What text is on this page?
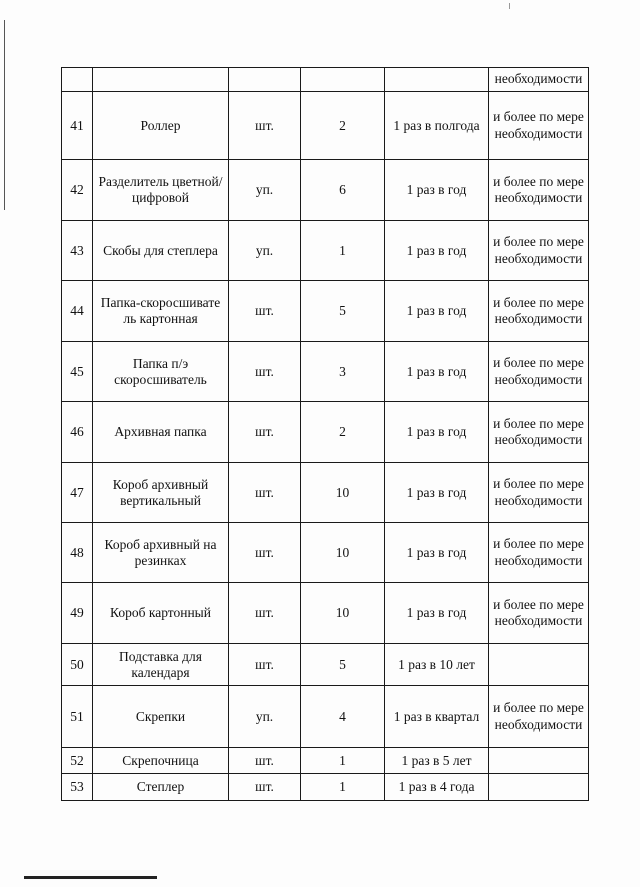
					необходимости
41	Роллер	шт.	2	1 раз в полгода	и более по мере необходимости
42	Разделитель цветной/цифровой	уп.	6	1 раз в год	и более по мере необходимости
43	Скобы для степлера	уп.	1	1 раз в год	и более по мере необходимости
44	Папка-скоросшивате ль картонная	шт.	5	1 раз в год	и более по мере необходимости
45	Папка п/э скоросшиватель	шт.	3	1 раз в год	и более по мере необходимости
46	Архивная папка	шт.	2	1 раз в год	и более по мере необходимости
47	Короб архивный вертикальный	шт.	10	1 раз в год	и более по мере необходимости
48	Короб архивный на резинках	шт.	10	1 раз в год	и более по мере необходимости
49	Короб картонный	шт.	10	1 раз в год	и более по мере необходимости
50	Подставка для календаря	шт.	5	1 раз в 10 лет	
51	Скрепки	уп.	4	1 раз в квартал	и более по мере необходимости
52	Скрепочница	шт.	1	1 раз в 5 лет	
53	Степлер	шт.	1	1 раз в 4 года	
